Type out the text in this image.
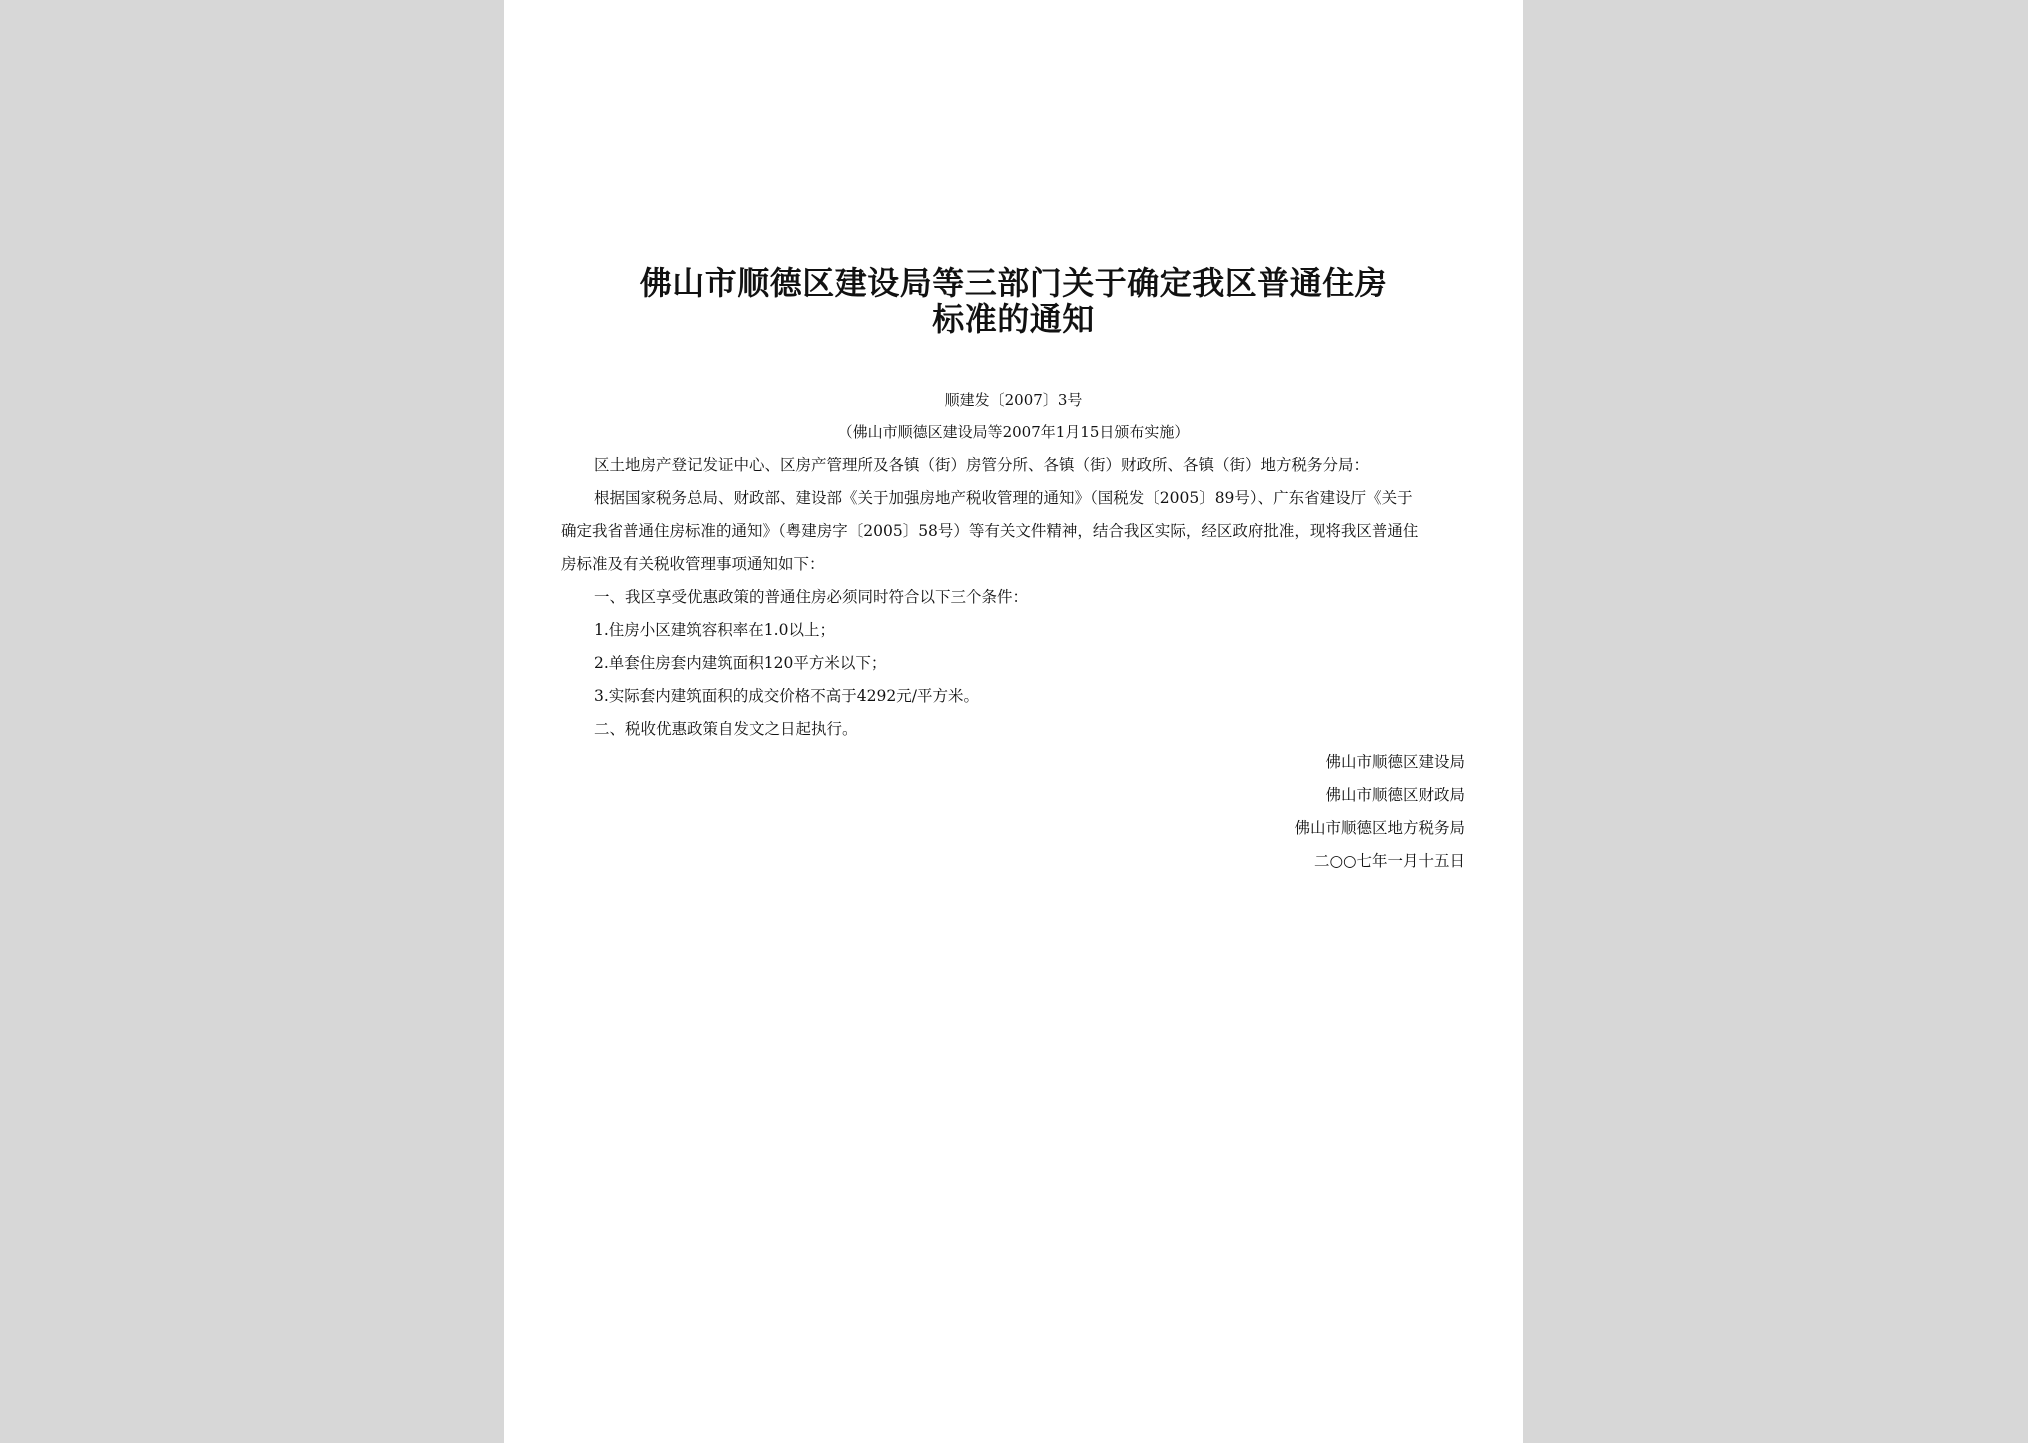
佛山市顺德区建设局等三部门关于确定我区普通住房
标准的通知
顺建发〔2007〕3号
（佛山市顺德区建设局等2007年1月15日颁布实施）
区土地房产登记发证中心、区房产管理所及各镇（街）房管分所、各镇（街）财政所、各镇（街）地方税务分局：
根据国家税务总局、财政部、建设部《关于加强房地产税收管理的通知》（国税发〔2005〕89号）、广东省建设厅《关于
确定我省普通住房标准的通知》（粤建房字〔2005〕58号）等有关文件精神，结合我区实际，经区政府批准，现将我区普通住
房标准及有关税收管理事项通知如下：
一、我区享受优惠政策的普通住房必须同时符合以下三个条件：
1.住房小区建筑容积率在1.0以上；
2.单套住房套内建筑面积120平方米以下；
3.实际套内建筑面积的成交价格不高于4292元/平方米。
二、税收优惠政策自发文之日起执行。
佛山市顺德区建设局
佛山市顺德区财政局
佛山市顺德区地方税务局
二○○七年一月十五日
